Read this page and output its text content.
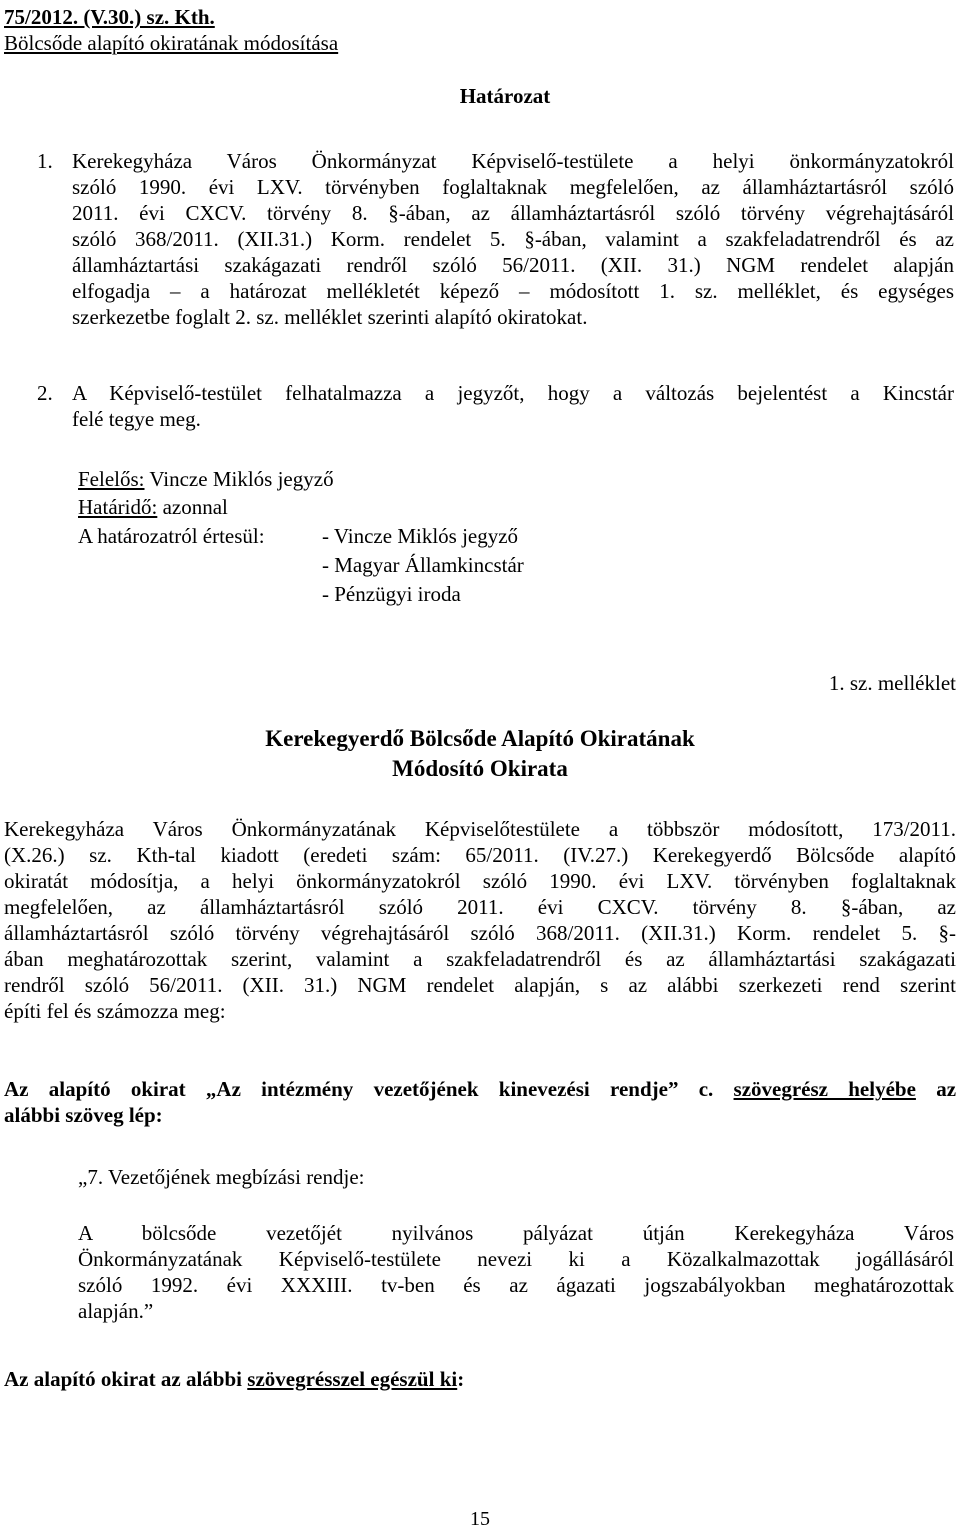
75/2012. (V.30.) sz. Kth.
Bölcsőde alapító okiratának módosítása
Határozat
1. Kerekegyháza Város Önkormányzat Képviselő-testülete a helyi önkormányzatokról
szóló 1990. évi LXV. törvényben foglaltaknak megfelelően, az államháztartásról szóló
2011. évi CXCV. törvény 8. §-ában, az államháztartásról szóló törvény végrehajtásáról
szóló 368/2011. (XII.31.) Korm. rendelet 5. §-ában, valamint a szakfeladatrendről és az
államháztartási szakágazati rendről szóló 56/2011. (XII. 31.) NGM rendelet alapján
elfogadja – a határozat mellékletét képező – módosított 1. sz. melléklet, és egységes
szerkezetbe foglalt 2. sz. melléklet szerinti alapító okiratokat.
2. A Képviselő-testület felhatalmazza a jegyzőt, hogy a változás bejelentést a Kincstár
felé tegye meg.
Felelős: Vincze Miklós jegyző
Határidő: azonnal
A határozatról értesül:	- Vincze Miklós jegyző
- Magyar Államkincstár
- Pénzügyi iroda
1. sz. melléklet
Kerekegyerdő Bölcsőde Alapító Okiratának
Módosító Okirata
Kerekegyháza Város Önkormányzatának Képviselőtestülete a többször módosított, 173/2011.
(X.26.) sz. Kth-tal kiadott (eredeti szám: 65/2011. (IV.27.) Kerekegyerdő Bölcsőde alapító
okiratát módosítja, a helyi önkormányzatokról szóló 1990. évi LXV. törvényben foglaltaknak
megfelelően, az államháztartásról szóló 2011. évi CXCV. törvény 8. §-ában, az
államháztartásról szóló törvény végrehajtásáról szóló 368/2011. (XII.31.) Korm. rendelet 5. §-
ában meghatározottak szerint, valamint a szakfeladatrendről és az államháztartási szakágazati
rendről szóló 56/2011. (XII. 31.) NGM rendelet alapján, s az alábbi szerkezeti rend szerint
építi fel és számozza meg:
Az alapító okirat „Az intézmény vezetőjének kinevezési rendje” c. szövegrész helyébe az
alábbi szöveg lép:
„7. Vezetőjének megbízási rendje:
A bölcsőde vezetőjét nyilvános pályázat útján Kerekegyháza Város
Önkormányzatának Képviselő-testülete nevezi ki a Közalkalmazottak jogállásáról
szóló 1992. évi XXXIII. tv-ben és az ágazati jogszabályokban meghatározottak
alapján.”
Az alapító okirat az alábbi szövegrésszel egészül ki:
15
